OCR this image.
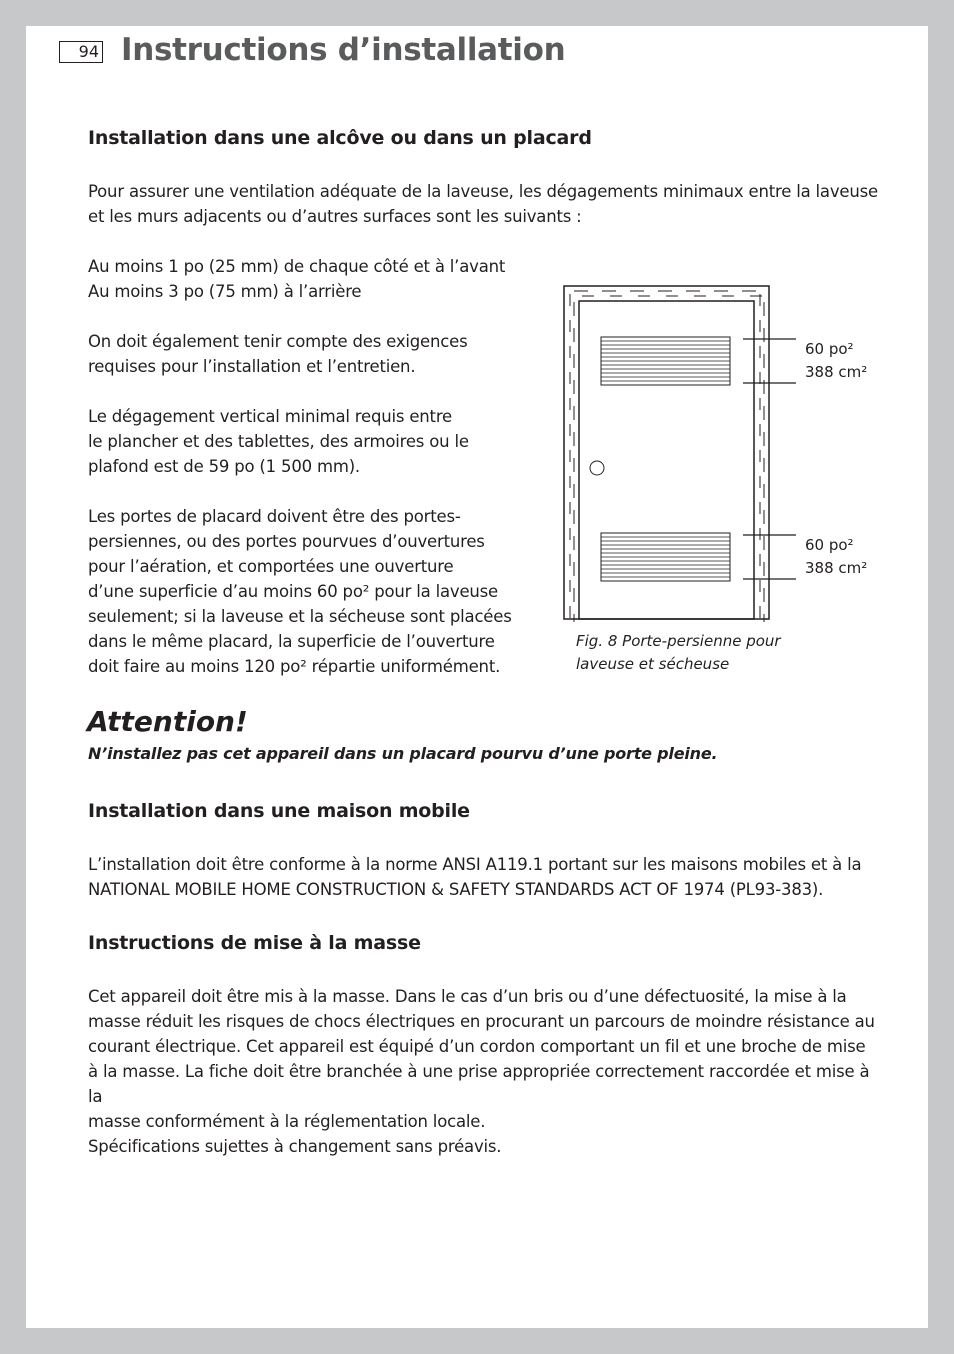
94 Instructions d’installation
Installation dans une alcôve ou dans un placard

Pour assurer une ventilation adéquate de la laveuse, les dégagements minimaux entre la laveuse
et les murs adjacents ou d’autres surfaces sont les suivants :

Au moins 1 po (25 mm) de chaque côté et à l’avant
Au moins 3 po (75 mm) à l’arrière

On doit également tenir compte des exigences
requises pour l’installation et l’entretien.

Le dégagement vertical minimal requis entre
le plancher et des tablettes, des armoires ou le
plafond est de 59 po (1 500 mm).

Les portes de placard doivent être des portes-
persiennes, ou des portes pourvues d’ouvertures
pour l’aération, et comportées une ouverture
d’une superficie d’au moins 60 po² pour la laveuse
seulement; si la laveuse et la sécheuse sont placées
dans le même placard, la superficie de l’ouverture
doit faire au moins 120 po² répartie uniformément.

60 po²
388 cm²

60 po²
388 cm²

Fig. 8 Porte-persienne pour
laveuse et sécheuse

Attention!

N’installez pas cet appareil dans un placard pourvu d’une porte pleine.

Installation dans une maison mobile

L’installation doit être conforme à la norme ANSI A119.1 portant sur les maisons mobiles et à la
NATIONAL MOBILE HOME CONSTRUCTION & SAFETY STANDARDS ACT OF 1974 (PL93-383).

Instructions de mise à la masse

Cet appareil doit être mis à la masse. Dans le cas d’un bris ou d’une défectuosité, la mise à la
masse réduit les risques de chocs électriques en procurant un parcours de moindre résistance au
courant électrique. Cet appareil est équipé d’un cordon comportant un fil et une broche de mise
à la masse. La fiche doit être branchée à une prise appropriée correctement raccordée et mise à la
masse conformément à la réglementation locale.

Spécifications sujettes à changement sans préavis.
